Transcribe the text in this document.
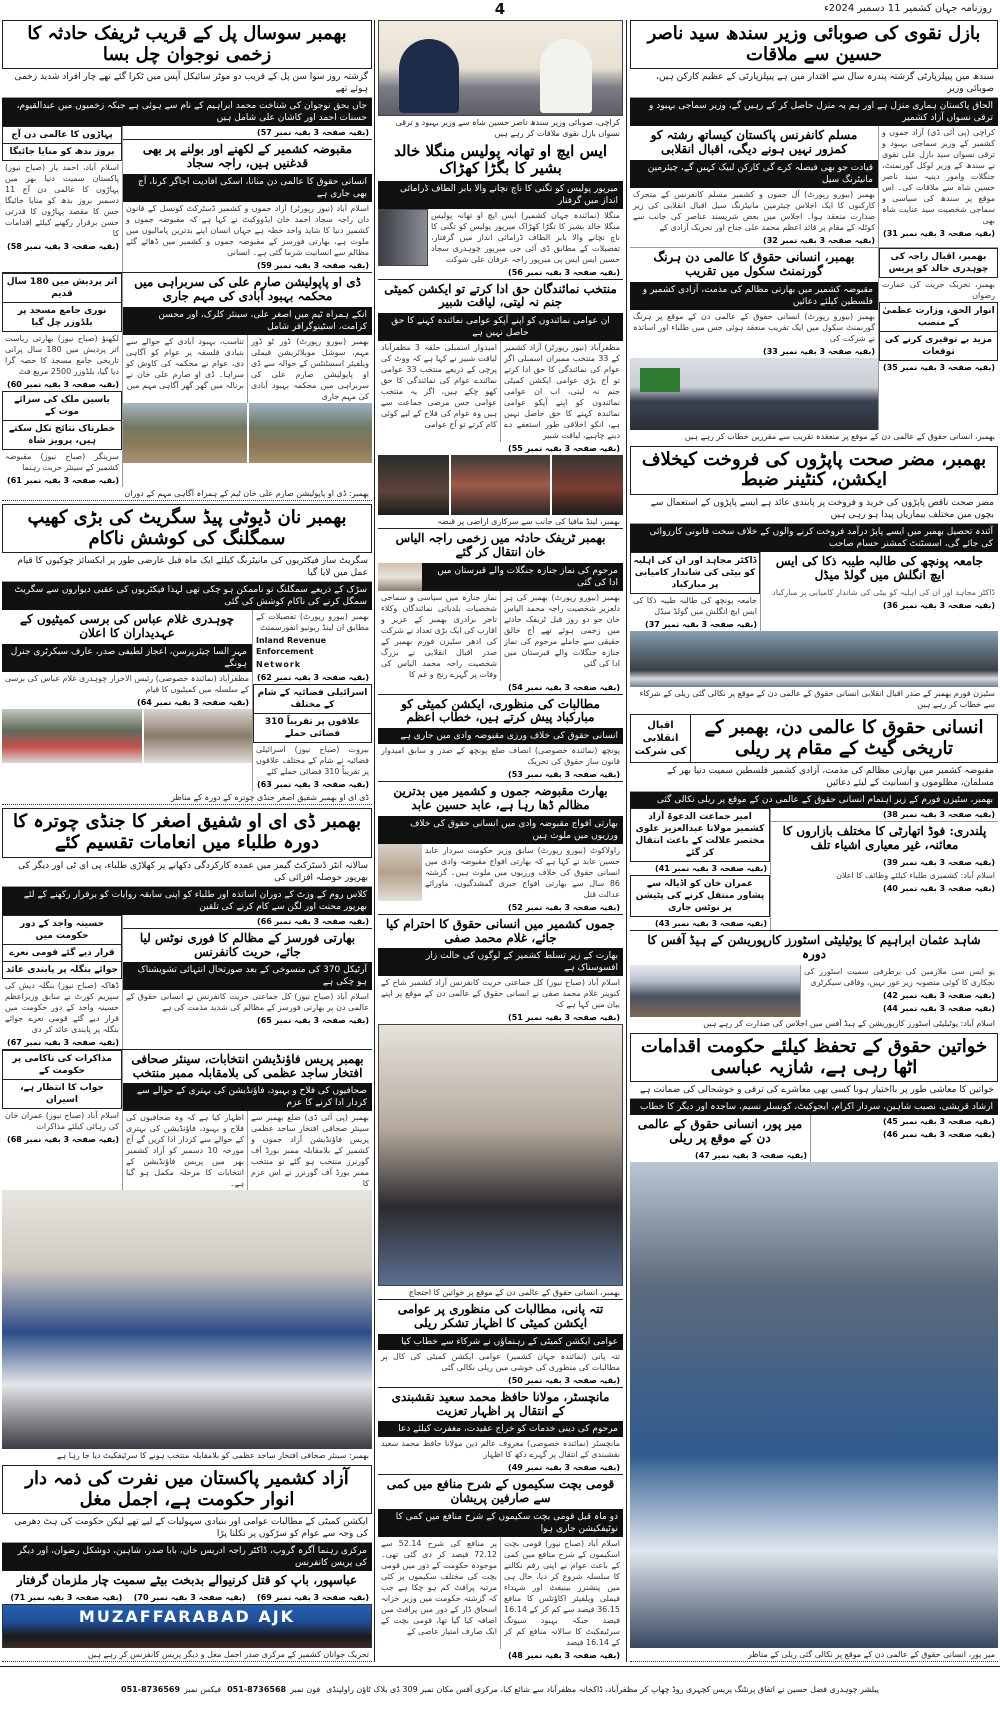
4	روزنامہ جہان کشمیر 11 دسمبر 2024ء
بازل نقوی کی صوبائی وزیر سندھ سید ناصر حسین سے ملاقات
سندھ میں پیپلزپارٹی گزشتہ پندرہ سال سے اقتدار میں ہے پیپلزپارٹی کے عظیم کارکن ہیں، صوبائی وزیر
الحاق پاکستان ہماری منزل ہے اور ہم یہ منزل حاصل کر کے رہیں گے، وزیر سماجی بہبود و ترقی نسواں آزاد کشمیر
کراچی (پی آئی ڈی) آزاد جموں و کشمیر کے وزیر سماجی بہبود و ترقی نسواں سید بازل علی نقوی نے سندھ کے وزیر لوکل گورنمنٹ، جنگلات وامور دینیہ سید ناصر حسین شاہ سے ملاقات کی۔ اس موقع پر سندھ کی سیاسی و سماجی شخصیت سید عنایت شاہ بھی
(بقیہ صفحہ 3 بقیہ نمبر 31)
مسلم کانفرنس پاکستان کیساتھ رشتہ کو کمزور نہیں ہونے دیگی، اقبال انقلابی
قیادت جو بھی فیصلہ کرے گی کارکن لبیک کہیں گے، چیئرمین مانیٹرنگ سیل
بھمبر (بیورو رپورٹ) آل جموں و کشمیر مسلم کانفرنس کے متحرک کارکنوں کا ایک اجلاس چیئرمین مانیٹرنگ سیل اقبال انقلابی کی زیر صدارت منعقد ہوا۔ اجلاس میں بعض شرپسند عناصر کی جانب سے کوٹلہ کے مقام پر قائد اعظم محمد علی جناح اور تحریک آزادی کے
(بقیہ صفحہ 3 بقیہ نمبر 32)
بھمبر، اقبال راجہ کی چوہدری خالد کو پریس
بھمبر، تحریک حریت کی عمارت رضوان
انوار الحق، وزارت عظمیٰ کے منصب
مزید بے توقیری کرنے کی توقعات
(بقیہ صفحہ 3 بقیہ نمبر 35)
بھمبر، انسانی حقوق کا عالمی دن ہرنگ گورنمنٹ سکول میں تقریب
مقبوضہ کشمیر میں بھارتی مظالم کی مذمت، آزادی کشمیر و فلسطین کیلئے دعائیں
بھمبر (بیورو رپورٹ) انسانی حقوق کے عالمی دن کے موقع پر ہرنگ گورنمنٹ سکول میں ایک تقریب منعقد ہوئی جس میں طلباء اور اساتذہ نے شرکت کی
(بقیہ صفحہ 3 بقیہ نمبر 33)
بھمبر، انسانی حقوق کے عالمی دن کے موقع پر منعقدہ تقریب سے مقررین خطاب کر رہے ہیں
بھمبر، مضر صحت پاپڑوں کی فروخت کیخلاف ایکشن، کنٹینر ضبط
مضر صحت ناقص پاپڑوں کی خرید و فروخت پر پابندی عائد ہے ایسے پاپڑوں کے استعمال سے بچوں میں مختلف بیماریاں پیدا ہو رہی ہیں
آئندہ تحصیل بھمبر میں ایسے پاپڑ درآمد فروخت کرنے والوں کے خلاف سخت قانونی کارروائی کی جائے گی، اسسٹنٹ کمشنر حسام صاحب
جامعہ پونچھ کی طالبہ طیبہ ذکا کی ایس ایچ انگلش میں گولڈ میڈل
ڈاکٹر مجاہد اور ان کی اہلیہ کو بیٹی کی شاندار کامیابی پر مبارکباد
(بقیہ صفحہ 3 بقیہ نمبر 36)
ڈاکٹر مجاہد اور ان کی اہلیہ کو بیٹی کی شاندار کامیابی پر مبارکباد
جامعہ پونچھ کی طالبہ طیبہ ذکا کی ایس ایچ انگلش میں گولڈ میڈل
(بقیہ صفحہ 3 بقیہ نمبر 37)
سٹیزن فورم بھمبر کے صدر اقبال انقلابی انسانی حقوق کے عالمی دن کے موقع پر نکالی گئی ریلی کے شرکاء سے خطاب کر رہے ہیں
انسانی حقوق کا عالمی دن، بھمبر کے تاریخی گیٹ کے مقام پر ریلی
اقبال انقلابی کی شرکت
مقبوضہ کشمیر میں بھارتی مظالم کی مذمت، آزادی کشمیر فلسطین سمیت دنیا بھر کے مسلمان، مظلوموں و انسانیت کے لیئے دعائیں
بھمبر، سٹیزن فورم کے زیر اہتمام انسانی حقوق کے عالمی دن کے موقع پر ریلی نکالی گئی
(بقیہ صفحہ 3 بقیہ نمبر 38)
پلندری: فوڈ اتھارٹی کا مختلف بازاروں کا معائنہ، غیر معیاری اشیاء تلف
(بقیہ صفحہ 3 بقیہ نمبر 39)
اسلام آباد: کشمیری طلباء کیلئے وظائف کا اعلان
(بقیہ صفحہ 3 بقیہ نمبر 40)
امیر جماعت الدعوۃ آزاد کشمیر مولانا عبدالعزیز علوی مختصر علالت کے باعث انتقال کر گئے
(بقیہ صفحہ 3 بقیہ نمبر 41)
عمران خان کو اڈیالہ سے پشاور منتقل کرنے کی پٹیشن پر نوٹس جاری
(بقیہ صفحہ 3 بقیہ نمبر 43)
شاہد عثمان ابراہیم کا یوٹیلیٹی اسٹورز کارپوریشن کے ہیڈ آفس کا دورہ
یو ایس سی ملازمین کی برطرفی سمیت اسٹورز کی نجکاری کا کوئی منصوبہ زیر غور نہیں، وفاقی سیکرٹری
(بقیہ صفحہ 3 بقیہ نمبر 42)
(بقیہ صفحہ 3 بقیہ نمبر 44)
اسلام آباد: یوٹیلیٹی اسٹورز کارپوریشن کے ہیڈ آفس میں اجلاس کی صدارت کر رہے ہیں
خواتین حقوق کے تحفظ کیلئے حکومت اقدامات اٹھا رہی ہے، شازیہ عباسی
خواتین کا معاشی طور پر بااختیار ہونا کسی بھی معاشرے کی ترقی و خوشحالی کی ضمانت ہے
ارشاد قریشی، نصیب شاہین، سردار اکرام، ایجوکیٹ، کونسلر نسیم، ساجدہ اور دیگر کا خطاب
(بقیہ صفحہ 3 بقیہ نمبر 45)
(بقیہ صفحہ 3 بقیہ نمبر 46)
میر پور، انسانی حقوق کے عالمی دن کے موقع پر ریلی
(بقیہ صفحہ 3 بقیہ نمبر 47)
میر پور، انسانی حقوق کے عالمی دن کے موقع پر نکالی گئی ریلی کے مناظر
کراچی، صوبائی وزیر سندھ ناصر حسین شاہ سے وزیر بہبود و ترقی نسواں بازل نقوی ملاقات کر رہے ہیں
ایس ایچ او تھانہ پولیس منگلا خالد بشیر کا بگڑا کھڑاک
میرپور پولیس کو تگنی کا ناچ نچانے والا بابر الطاف ڈرامائی انداز میں گرفتار
منگلا (نمائندہ جہان کشمیر) ایس ایچ او تھانہ پولیس منگلا خالد بشیر کا تگڑا کھڑاک میرپور پولیس کو تگنی کا ناچ نچانے والا بابر الطاف ڈرامائی انداز میں گرفتار، تفصیلات کے مطابق ڈی آئی جی میرپور چوہدری سجاد حسین ایس ایس پی میرپور راجہ عرفان علی شوکت
(بقیہ صفحہ 3 بقیہ نمبر 56)
منتخب نمائندگان حق ادا کرتے تو ایکشن کمیٹی جنم نہ لیتی، لیاقت شبیر
ان عوامی نمائندوں کو اپنے آپکو عوامی نمائندہ کہنے کا حق حاصل نہیں ہے
مظفرآباد (نیوز رپورٹر) آزاد کشمیر کے 33 منتخب ممبران اسمبلی اگر عوام کی نمائندگی کا حق ادا کرتے تو آج بڑی عوامی ایکشن کمیٹی جنم نہ لیتی، اب ان عوامی نمائندوں کو اپنے آپکو عوامی نمائندہ کہنے کا حق حاصل نہیں ہے، انکو اخلاقی طور استعفے دے دینے چاہیے، لیاقت شبیر
امیدوار اسمبلی حلقہ 3 مظفرآباد لیاقت شبیر نے کہا ہے کہ ووٹ کی پرچی کے ذریعے منتخب 33 عوامی نمائندے عوام کی نمائندگی کا حق کھو چکے ہیں، اگر یہ منتخب عوامی جس مرضی جماعت سے ہیں وہ عوام کی فلاح کے لیے کوئی کام کرتے تو آج عوامی
(بقیہ صفحہ 3 بقیہ نمبر 55)
بھمبر، لینڈ مافیا کی جانب سے سرکاری اراضی پر قبضہ
بھمبر ٹریفک حادثہ میں زخمی راجہ الیاس خان انتقال کر گئے
مرحوم کی نماز جنازہ جنگلات والے قبرستان میں ادا کی گئی
بھمبر (بیورو رپورٹ) بھمبر کی ہر دلعزیز شخصیت راجہ محمد الیاس خان جو دو روز قبل ٹریفک حادثے میں زخمی ہوئے تھے آج خالق حقیقی سے جاملے مرحوم کی نماز جنازہ جنگلات والے قبرستان میں ادا کی گئی
نماز جنازہ میں سیاسی و سماجی شخصیات بلدیاتی نمائندگان وکلاء تاجر برادری بھمبر کے عزیز و اقارب کی ایک بڑی تعداد نے شرکت کی ادھر سٹیزن فورم بھمبر کے صدر اقبال انقلابی نے بزرگ شخصیت راجہ محمد الیاس کی وفات پر گہرے رنج و غم کا
(بقیہ صفحہ 3 بقیہ نمبر 54)
مطالبات کی منظوری، ایکشن کمیٹی کو مبارکباد پیش کرتے ہیں، خطاب اعظم
انسانی حقوق کی خلاف ورزی مقبوضہ وادی میں جاری ہے
پونچھ (نمائندہ خصوصی) انصاف ضلع پونچھ کے صدر و سابق امیدوار قانون ساز حقوق کی تحریک
(بقیہ صفحہ 3 بقیہ نمبر 53)
بھارت مقبوضہ جموں و کشمیر میں بدترین مظالم ڈھا رہا ہے، عابد حسین عابد
بھارتی افواج مقبوضہ وادی میں انسانی حقوق کی خلاف ورزیوں میں ملوث ہیں
راولاکوٹ (بیورو رپورٹ) سابق وزیر حکومت سردار عابد حسین عابد نے کہا ہے کہ بھارتی افواج مقبوضہ وادی میں انسانی حقوق کی خلاف ورزیوں میں ملوث ہیں۔ گزشتہ 86 سال سے بھارتی افواج جبری گمشدگیوں، ماورائے عدالت قتل
(بقیہ صفحہ 3 بقیہ نمبر 52)
جموں کشمیر میں انسانی حقوق کا احترام کیا جائے، غلام محمد صفی
بھارت کے زیر تسلط کشمیر کے لوگوں کی حالت زار افسوسناک ہے
اسلام آباد (صباح نیوز) کل جماعتی حریت کانفرنس آزاد کشمیر شاخ کے کنوینر غلام محمد صفی نے انسانی حقوق کے عالمی دن کے موقع پر اپنے بیان میں کہا ہے کہ
(بقیہ صفحہ 3 بقیہ نمبر 51)
بھمبر، انسانی حقوق کے عالمی دن کے موقع پر خواتین کا احتجاج
تتہ پانی، مطالبات کی منظوری پر عوامی ایکشن کمیٹی کا اظہار تشکر ریلی
عوامی ایکشن کمیٹی کے رہنماؤں نے شرکاء سے خطاب کیا
تتہ پانی (نمائندہ جہان کشمیر) عوامی ایکشن کمیٹی کی کال پر مطالبات کی منظوری کی خوشی میں ریلی نکالی گئی
(بقیہ صفحہ 3 بقیہ نمبر 50)
مانچسٹر، مولانا حافظ محمد سعید نقشبندی کے انتقال پر اظہار تعزیت
مرحوم کی دینی خدمات کو خراج عقیدت، مغفرت کیلئے دعا
مانچسٹر (نمائندہ خصوصی) معروف عالم دین مولانا حافظ محمد سعید نقشبندی کے انتقال پر گہرے دکھ کا اظہار
(بقیہ صفحہ 3 بقیہ نمبر 49)
قومی بچت سکیموں کے شرح منافع میں کمی سے صارفین پریشان
دو ماہ قبل قومی بچت سکیموں کے شرح منافع میں کمی کا نوٹیفکیشن جاری ہوا
اسلام آباد (صباح نیوز) قومی بچت اسکیموں کے شرح منافع میں کمی کے باعث عوام نے اپنی رقم نکالنے کا سلسلہ شروع کر دیا، حال ہی میں پنشنرز بینیفٹ اور شہداء فیملی ویلفیئر اکاؤنٹس کا منافع 36.15 فیصد سے کم کر کے 16.14 فیصد جبکہ بہبود سیونگ سرٹیفکیٹ کا سالانہ منافع کم کر کے 16.14 فیصد
پر منافع کی شرح 52.14 سے 72.12 فیصد کر دی گئی تھی۔ موجودہ حکومت کے دور میں قومی بچت کی مختلف سکیموں پر کئی مرتبہ پرافٹ کم ہو چکا ہے جب کہ گزشتہ حکومت میں وزیر خزانہ اسحاق ڈار کے دور میں پرافٹ میں اضافہ کیا گیا تھا، قومی بچت کے ایک صارف امتیاز عاصی کے
(بقیہ صفحہ 3 بقیہ نمبر 48)
بھمبر سوسال پل کے قریب ٹریفک حادثہ کا زخمی نوجوان چل بسا
گزشتہ روز سوا سن پل کے قریب دو موٹر سائیکل آپس میں ٹکرا گئے تھے چار افراد شدید زخمی ہوئے تھے
جاں بحق نوجوان کی شناخت محمد ابراہیم کے نام سے ہوئی ہے جبکہ زخمیوں میں عبدالقیوم، حسنات احمد اور کاشان علی شامل ہیں
(بقیہ صفحہ 3 بقیہ نمبر 57)
مقبوضہ کشمیر کے لکھنے اور بولنے پر بھی قدغنیں ہیں، راجہ سجاد
انسانی حقوق کا عالمی دن منانا، اسکی افادیت اجاگر کرنا، آج بھی جاری ہے
اسلام آباد (نیوز رپورٹر) آزاد جموں و کشمیر ڈسٹرکٹ کونسل کے قانون دان راجہ سجاد احمد خان ایڈووکیٹ نے کہا ہے کہ مقبوضہ جموں و کشمیر دنیا کا شاید واحد خطہ ہے جہاں انسان اپنے بدترین پامالیوں میں ملوث ہے، بھارتی فورسز کے مقبوضہ جموں و کشمیر میں ڈھائے گئے مظالم سے انسانیت شرما گئی ہے۔ انسانی
(بقیہ صفحہ 3 بقیہ نمبر 59)
پہاڑوں کا عالمی دن آج
بروز بدھ کو منایا جائیگا
اسلام آباد، احمد یار (صباح نیوز) پاکستان سمیت دنیا بھر میں پہاڑوں کا عالمی دن آج 11 دسمبر بروز بدھ کو منایا جائیگا جس کا مقصد پہاڑوں کا قدرتی حسن برقرار رکھنے کیلئے اقدامات کا
(بقیہ صفحہ 3 بقیہ نمبر 58)
ڈی او پاپولیشن صارم علی کی سربراہی میں محکمہ بہبود آبادی کی مہم جاری
انکے ہمراہ ٹیم میں اصغر علی، سینئر کلرک، اور محسن کرامت، اسٹینوگرافر شامل
بھمبر (بیورو رپورٹ) ڈور ٹو ڈور مہم، سوشل موبلائزیشن فیملی ویلفیئر اسسٹنٹس کے حوالہ سے ڈی او پاپولیشن صارم علی کی سربراہی میں محکمہ بہبود آبادی کی مہم جاری
تناسب، بہبود آبادی کے حوالے سے بنیادی فلسفہ پر عوام کو آگاہی دی، عوام نے محکمہ کی کاوش کو سراہا۔ ڈی او صارم علی خان نے برنالہ میں گھر گھر آگاہی مہم میں
اتر پردیش میں 180 سال قدیم
نوری جامع مسجد پر بلڈوزر چل گیا
لکھنؤ (صباح نیوز) بھارتی ریاست اتر پردیش میں 180 سال پرانی تاریخی جامع مسجد کا حصہ گرا دیا گیا، بلڈوزر 2500 مربع فٹ
(بقیہ صفحہ 3 بقیہ نمبر 60)
یاسین ملک کی سزائے موت کے
خطرناک نتائج نکل سکتے ہیں، پرویز شاہ
سرینگر (صباح نیوز) مقبوضہ کشمیر کے سینئر حریت رہنما
(بقیہ صفحہ 3 بقیہ نمبر 61)
بھمبر: ڈی او پاپولیشن صارم علی خان ٹیم کے ہمراہ آگاہی مہم کے دوران
بھمبر نان ڈیوٹی پیڈ سگریٹ کی بڑی کھیپ سمگلنگ کی کوشش ناکام
سگریٹ ساز فیکٹریوں کی مانیٹرنگ کیلئے ایک ماہ قبل عارضی طور پر ایکسائز چوکیوں کا قیام عمل میں لایا گیا
سڑک کے ذریعے سمگلنگ تو ناممکن ہو چکی تھی لہذا فیکٹریوں کی عقبی دیواروں سے سگریٹ سمگل کرنے کی ناکام کوشش کی گئی
بھمبر (بیورو رپورٹ) تفصیلات کے مطابق ان لینڈ ریونیو انفورسمنٹ
Inland Revenue Enforcement
Network
(بقیہ صفحہ 3 بقیہ نمبر 62)
اسرائیلی فضائیہ کے شام کے مختلف
علاقوں پر تقریباً 310 فضائی حملے
بیروت (صباح نیوز) اسرائیلی فضائیہ نے شام کے مختلف علاقوں پر تقریباً 310 فضائی حملے کئے
(بقیہ صفحہ 3 بقیہ نمبر 63)
چوہدری غلام عباس کی برسی کمیٹیوں کے عہدیداران کا اعلان
مہر السا چیئرپرسن، اعجاز لطیفی صدر، عارف سیکرٹری جنرل ہونگے
مظفرآباد (نمائندہ خصوصی) رئیس الاحرار چوہدری غلام عباس کی برسی کے سلسلہ میں کمیٹیوں کا قیام
(بقیہ صفحہ 3 بقیہ نمبر 64)
ڈی ای او بھمبر شفیق اصغر جنڈی چوترہ کے دورہ کے مناظر
بھمبر ڈی ای او شفیق اصغر کا جنڈی چوترہ کا دورہ طلباء میں انعامات تقسیم کئے
سالانہ انٹر ڈسٹرکٹ گیمز میں عمدہ کارکردگی دکھانے پر کھلاڑی طلباء، پی ای ٹی اور دیگر کی بھرپور حوصلہ افزائی کی
کلاس روم کے وزٹ کے دوران اساتذہ اور طلباء کو اپنی سابقہ روایات کو برقرار رکھنے کے لئے بھرپور محنت اور لگن سے کام کرنے کی تلقین
(بقیہ صفحہ 3 بقیہ نمبر 66)
بھارتی فورسز کے مظالم کا فوری نوٹس لیا جائے، حریت کانفرنس
آرٹیکل 370 کی منسوخی کے بعد صورتحال انتہائی تشویشناک ہو چکی ہے
اسلام آباد (صباح نیوز) کل جماعتی حریت کانفرنس نے انسانی حقوق کے عالمی دن پر بھارتی فورسز کے مظالم کی شدید مذمت کی ہے
(بقیہ صفحہ 3 بقیہ نمبر 65)
حسینہ واجد کے دور حکومت میں
قرار دیے گئے قومی نعرے
جوائے بنگلہ پر پابندی عائد
ڈھاکہ (صباح نیوز) بنگلہ دیش کی سپریم کورٹ نے سابق وزیراعظم حسینہ واجد کے دور حکومت میں قرار دیے گئے قومی نعرے جوائے بنگلہ پر پابندی عائد کر دی
(بقیہ صفحہ 3 بقیہ نمبر 67)
بھمبر پریس فاؤنڈیشن انتخابات، سینئر صحافی افتخار ساجد عظمی کی بلامقابلہ ممبر منتخب
صحافیوں کی فلاح و بہبود، فاؤنڈیشن کی بہتری کے حوالے سے کردار ادا کرنے کا عزم
بھمبر (پی آئی ڈی) ضلع بھمبر سے سینئر صحافی افتخار ساجد عظمی پریس فاؤنڈیشن آزاد جموں و کشمیر کے بلامقابلہ ممبر بورڈ آف گورنرز منتخب ہو گئے نو منتخب ممبر بورڈ آف گورنرز نے اس عزم کا
اظہار کیا ہے کہ وہ صحافیوں کی فلاح و بہبود، فاؤنڈیشن کی بہتری کے حوالے سے کردار ادا کریں گے آج مورخہ 10 دسمبر کو آزاد کشمیر بھر میں پریس فاؤنڈیشن کے انتخابات کا مرحلہ مکمل ہو گیا ہے۔
مذاکرات کی ناکامی پر حکومت کے
جواب کا انتظار ہے، اسیران
اسلام آباد (صباح نیوز) عمران خان کی رہائی کیلئے مذاکرات
(بقیہ صفحہ 3 بقیہ نمبر 68)
بھمبر: سینئر صحافی افتخار ساجد عظمی کو بلامقابلہ منتخب ہونے کا سرٹیفکیٹ دیا جا رہا ہے
آزاد کشمیر پاکستان میں نفرت کی ذمہ دار انوار حکومت ہے، اجمل مغل
ایکشن کمیٹی کے مطالبات عوامی اور بنیادی سہولیات کے لیے تھے لیکن حکومت کی ہٹ دھرمی کی وجہ سے عوام کو سڑکوں پر نکلنا پڑا
مرکزی رہنما آگرہ گروپ، ڈاکٹر راجہ ادریس خان، بابا صدر، شاہین، دوشکل رضوان، اور دیگر کی پریس کانفرنس
عباسپور، باپ کو قتل کرنیوالے بدبخت بیٹے سمیت چار ملزمان گرفتار
(بقیہ صفحہ 3 بقیہ نمبر 69)
(بقیہ صفحہ 3 بقیہ نمبر 70)
(بقیہ صفحہ 3 بقیہ نمبر 71)
MUZAFFARABAD AJK
تحریک جوانان کشمیر کے مرکزی صدر اجمل مغل و دیگر پریس کانفرنس کر رہے ہیں
پبلشر چوہدری فضل حسین نے اتفاق پرنٹنگ پریس کچہری روڈ چھاپ کر مظفرآباد، ڈاکخانہ مظفرآباد سے شائع کیا، مرکزی آفس مکان نمبر 309 ڈی بلاک ٹاؤن راولپنڈی
فون نمبر
051-8736568
فیکس نمبر
051-8736569
